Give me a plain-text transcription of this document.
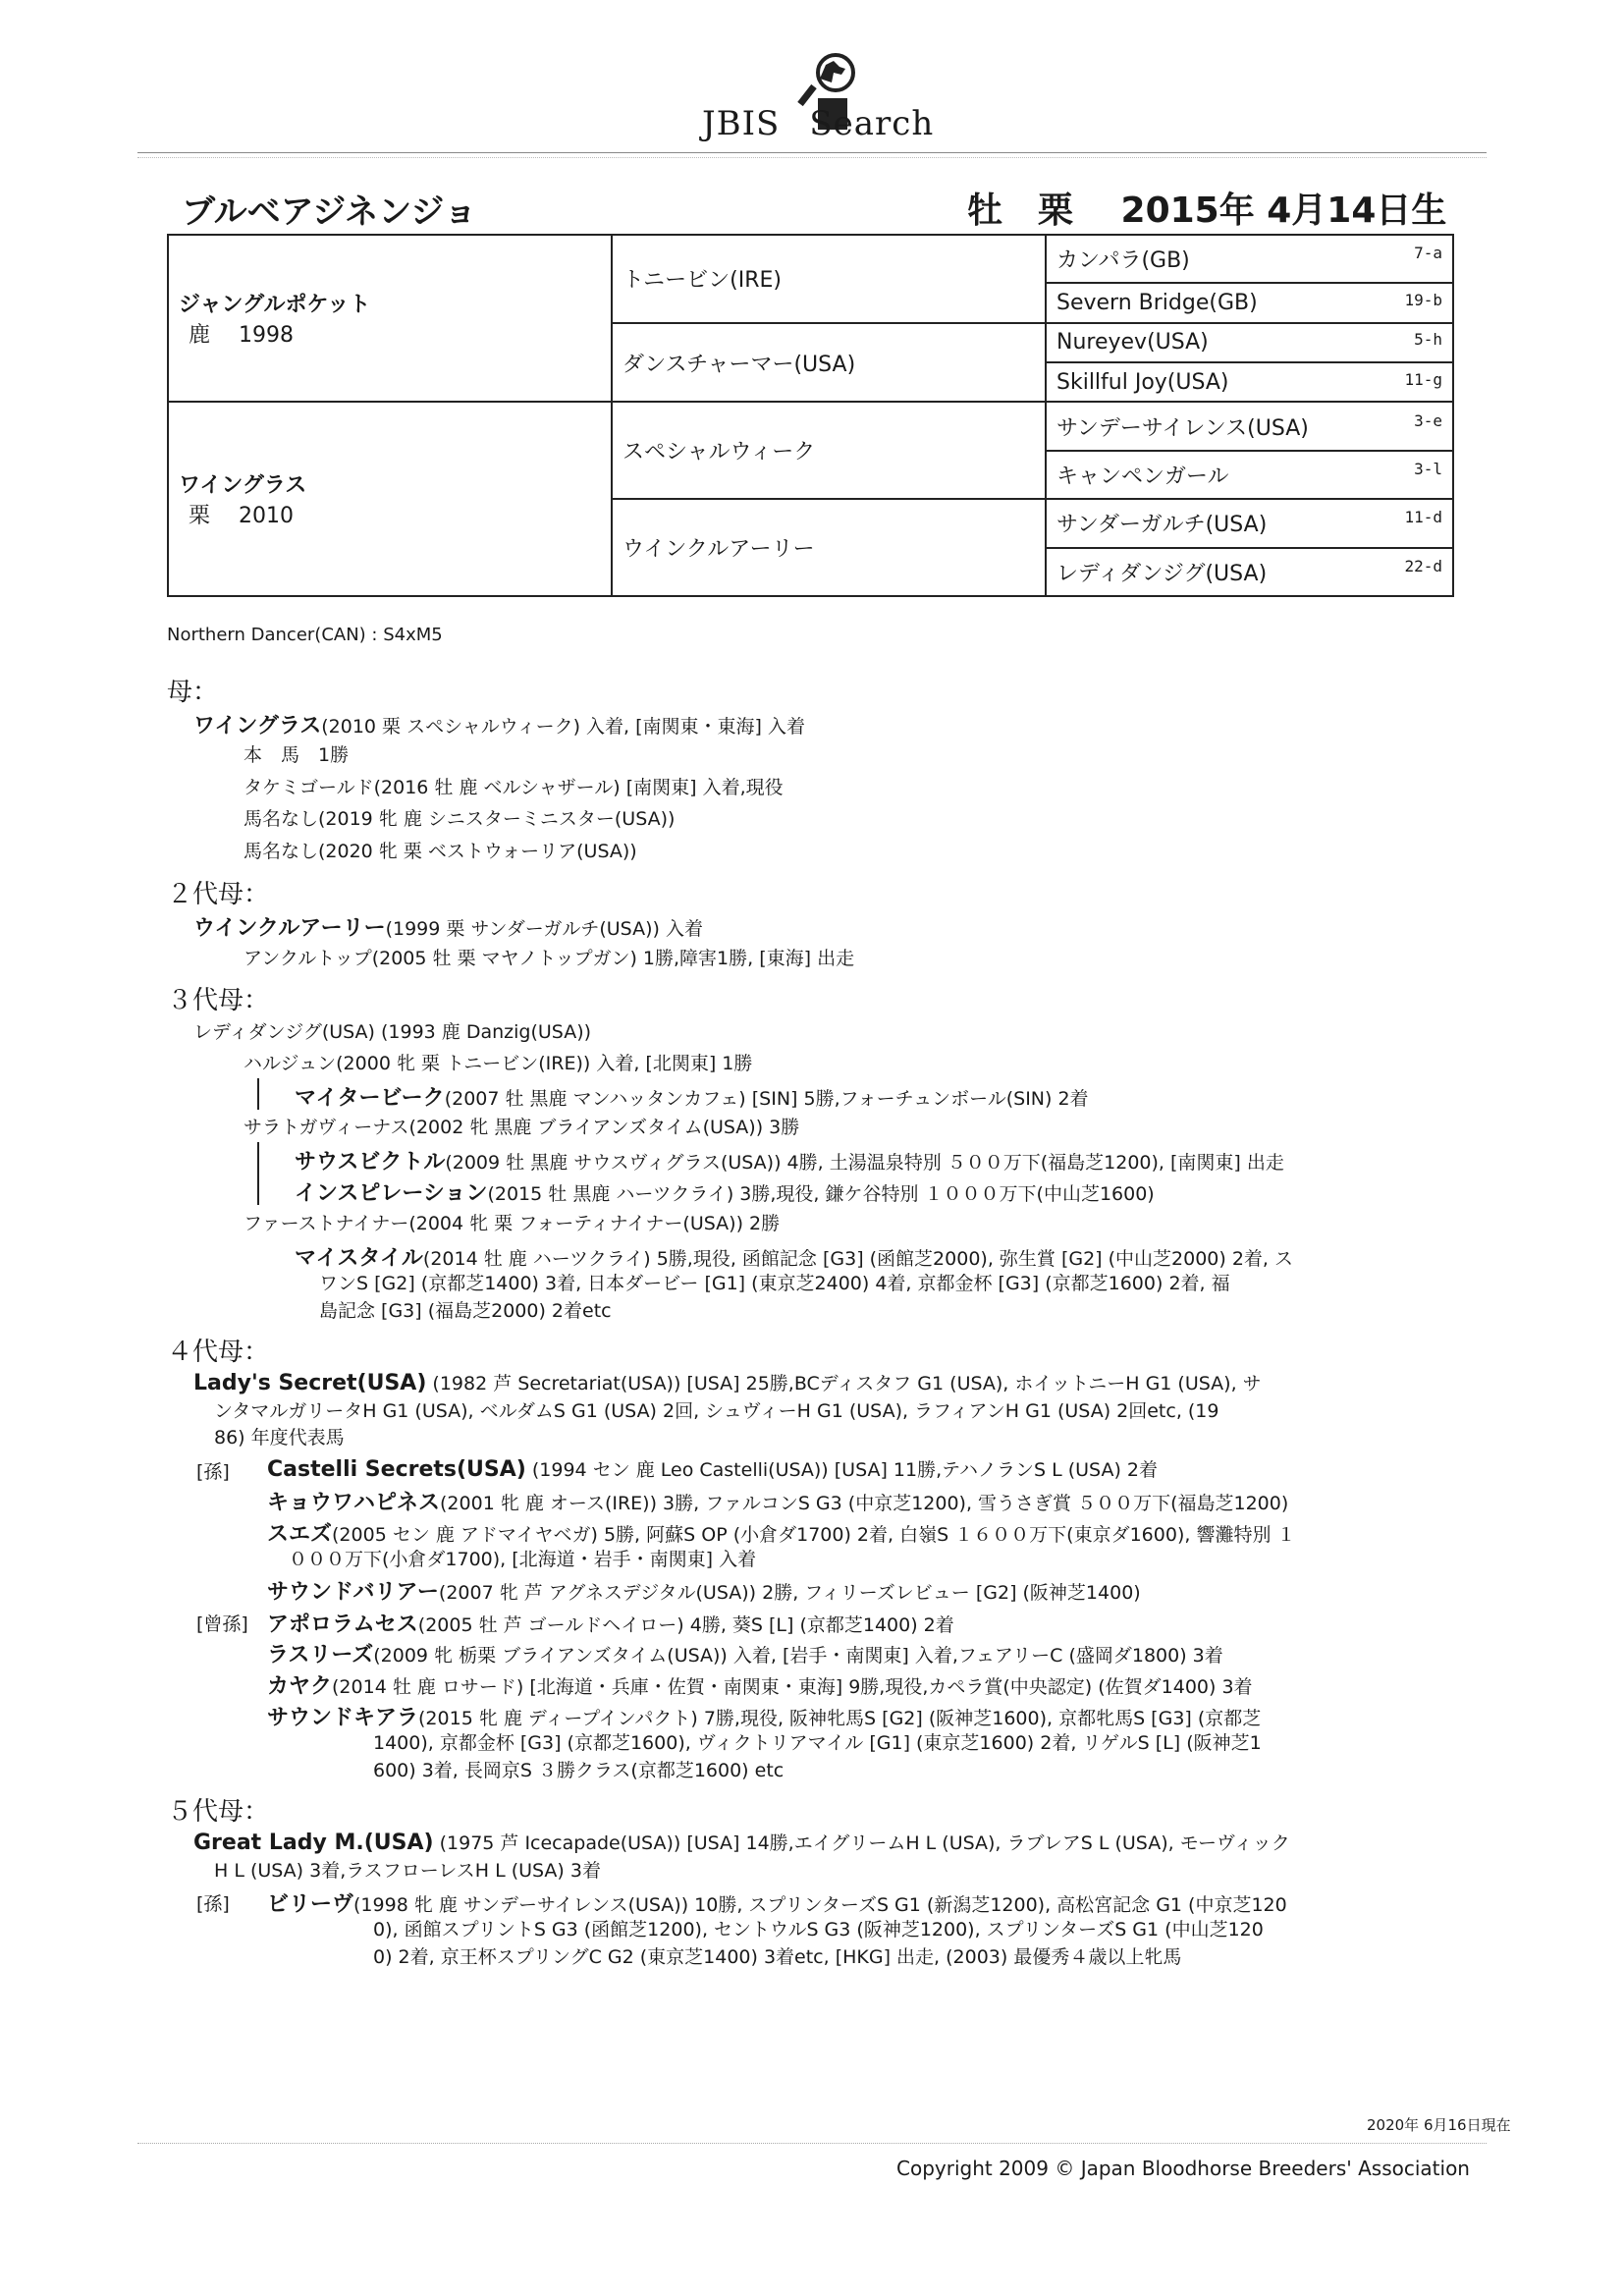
JBIS Search
ブルベアジネンジョ	牡　栗　 2015年 4月14日生
ジャングルポケット
鹿　 1998	トニービン(IRE)	カンパラ(GB) 7-a

		Severn Bridge(GB) 19-b

	ダンスチャーマー(USA)	Nureyev(USA) 5-h

		Skillful Joy(USA) 11-g

ワイングラス
栗　 2010	スペシャルウィーク	サンデーサイレンス(USA) 3-e

		キャンペンガール 3-l

	ウインクルアーリー	サンダーガルチ(USA) 11-d

		レディダンジグ(USA) 22-d
Northern Dancer(CAN) : S4xM5
母：
ワイングラス(2010 栗 スペシャルウィーク) 入着, [南関東・東海] 入着
本　馬　1勝
タケミゴールド(2016 牡 鹿 ベルシャザール) [南関東] 入着,現役
馬名なし(2019 牝 鹿 シニスターミニスター(USA))
馬名なし(2020 牝 栗 ベストウォーリア(USA))
２代母：
ウインクルアーリー(1999 栗 サンダーガルチ(USA)) 入着
アンクルトップ(2005 牡 栗 マヤノトップガン) 1勝,障害1勝, [東海] 出走
３代母：
レディダンジグ(USA) (1993 鹿 Danzig(USA))
ハルジュン(2000 牝 栗 トニービン(IRE)) 入着, [北関東] 1勝
マイタービーク(2007 牡 黒鹿 マンハッタンカフェ) [SIN] 5勝,フォーチュンボール(SIN) 2着
サラトガヴィーナス(2002 牝 黒鹿 ブライアンズタイム(USA)) 3勝
サウスビクトル(2009 牡 黒鹿 サウスヴィグラス(USA)) 4勝, 土湯温泉特別 ５００万下(福島芝1200), [南関東] 出走
インスピレーション(2015 牡 黒鹿 ハーツクライ) 3勝,現役, 鎌ケ谷特別 １０００万下(中山芝1600)
ファーストナイナー(2004 牝 栗 フォーティナイナー(USA)) 2勝
マイスタイル(2014 牡 鹿 ハーツクライ) 5勝,現役, 函館記念 [G3] (函館芝2000), 弥生賞 [G2] (中山芝2000) 2着, ス
ワンS [G2] (京都芝1400) 3着, 日本ダービー [G1] (東京芝2400) 4着, 京都金杯 [G3] (京都芝1600) 2着, 福
島記念 [G3] (福島芝2000) 2着etc
４代母：
Lady's Secret(USA) (1982 芦 Secretariat(USA)) [USA] 25勝,BCディスタフ G1 (USA), ホイットニーH G1 (USA), サ
ンタマルガリータH G1 (USA), ベルダムS G1 (USA) 2回, シュヴィーH G1 (USA), ラフィアンH G1 (USA) 2回etc, (19
86) 年度代表馬
[孫] Castelli Secrets(USA) (1994 セン 鹿 Leo Castelli(USA)) [USA] 11勝,テハノランS L (USA) 2着
キョウワハピネス(2001 牝 鹿 オース(IRE)) 3勝, ファルコンS G3 (中京芝1200), 雪うさぎ賞 ５００万下(福島芝1200)
スエズ(2005 セン 鹿 アドマイヤベガ) 5勝, 阿蘇S OP (小倉ダ1700) 2着, 白嶺S １６００万下(東京ダ1600), 響灘特別 １
０００万下(小倉ダ1700), [北海道・岩手・南関東] 入着
サウンドバリアー(2007 牝 芦 アグネスデジタル(USA)) 2勝, フィリーズレビュー [G2] (阪神芝1400)
[曾孫] アポロラムセス(2005 牡 芦 ゴールドヘイロー) 4勝, 葵S [L] (京都芝1400) 2着
ラスリーズ(2009 牝 栃栗 ブライアンズタイム(USA)) 入着, [岩手・南関東] 入着,フェアリーC (盛岡ダ1800) 3着
カヤク(2014 牡 鹿 ロサード) [北海道・兵庫・佐賀・南関東・東海] 9勝,現役,カペラ賞(中央認定) (佐賀ダ1400) 3着
サウンドキアラ(2015 牝 鹿 ディープインパクト) 7勝,現役, 阪神牝馬S [G2] (阪神芝1600), 京都牝馬S [G3] (京都芝
1400), 京都金杯 [G3] (京都芝1600), ヴィクトリアマイル [G1] (東京芝1600) 2着, リゲルS [L] (阪神芝1
600) 3着, 長岡京S ３勝クラス(京都芝1600) etc
５代母：
Great Lady M.(USA) (1975 芦 Icecapade(USA)) [USA] 14勝,エイグリームH L (USA), ラブレアS L (USA), モーヴィック
H L (USA) 3着,ラスフローレスH L (USA) 3着
[孫] ビリーヴ(1998 牝 鹿 サンデーサイレンス(USA)) 10勝, スプリンターズS G1 (新潟芝1200), 高松宮記念 G1 (中京芝120
0), 函館スプリントS G3 (函館芝1200), セントウルS G3 (阪神芝1200), スプリンターズS G1 (中山芝120
0) 2着, 京王杯スプリングC G2 (東京芝1400) 3着etc, [HKG] 出走, (2003) 最優秀４歳以上牝馬
2020年 6月16日現在
Copyright 2009 © Japan Bloodhorse Breeders' Association
